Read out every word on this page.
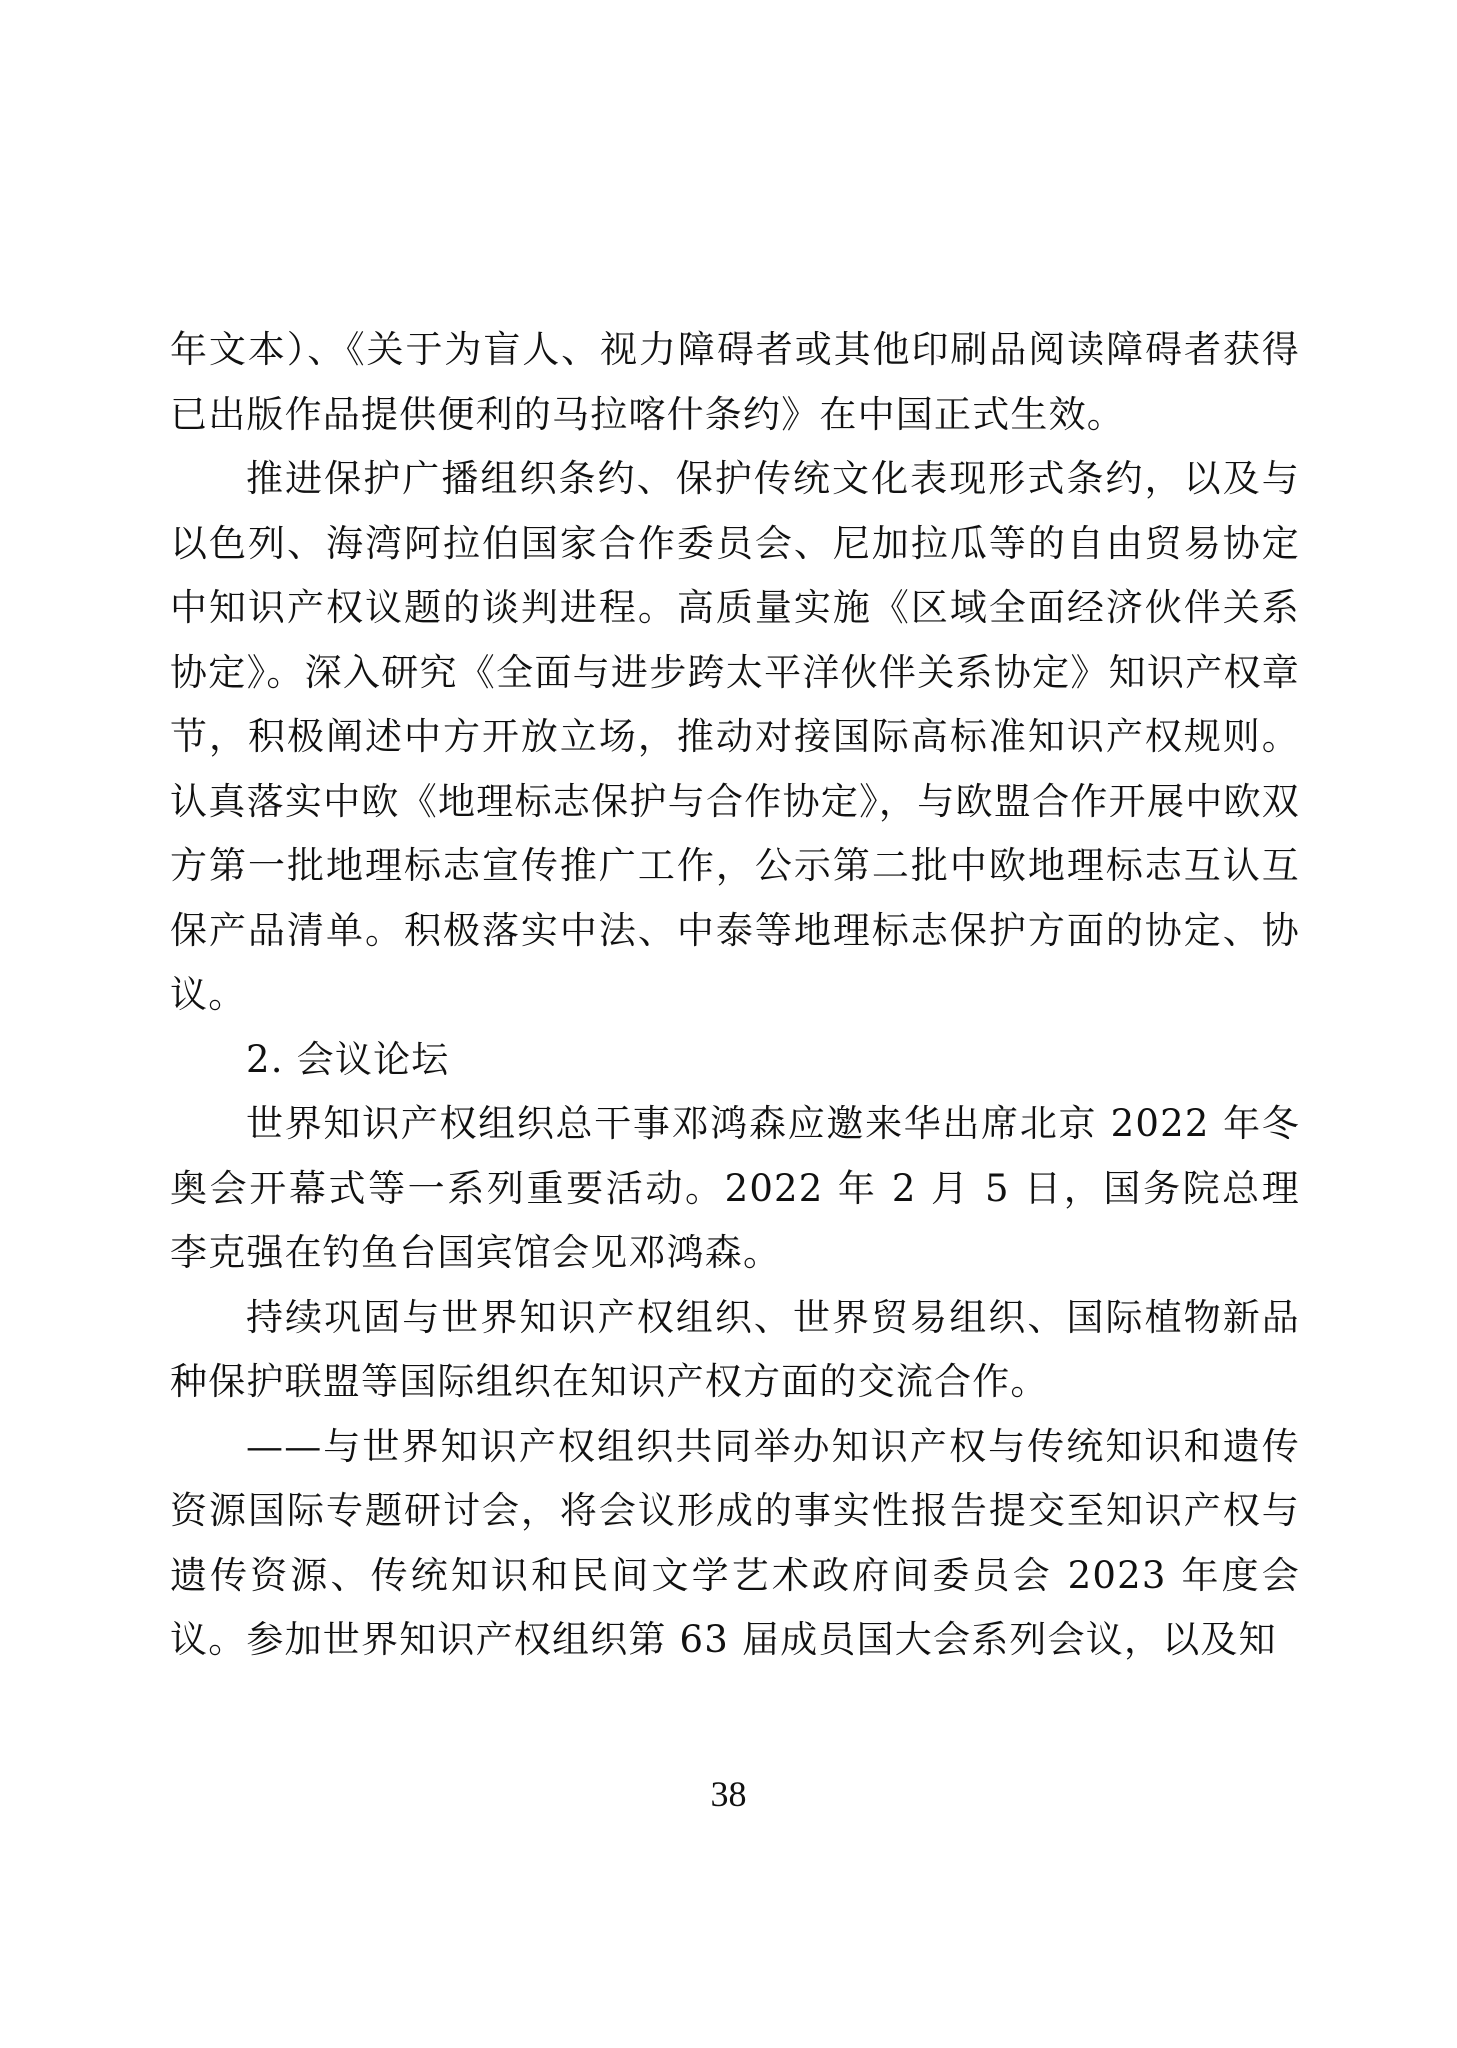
年文本）、《关于为盲人、视力障碍者或其他印刷品阅读障碍者获得已出版作品提供便利的马拉喀什条约》在中国正式生效。

推进保护广播组织条约、保护传统文化表现形式条约，以及与以色列、海湾阿拉伯国家合作委员会、尼加拉瓜等的自由贸易协定中知识产权议题的谈判进程。高质量实施《区域全面经济伙伴关系协定》。深入研究《全面与进步跨太平洋伙伴关系协定》知识产权章节，积极阐述中方开放立场，推动对接国际高标准知识产权规则。认真落实中欧《地理标志保护与合作协定》，与欧盟合作开展中欧双方第一批地理标志宣传推广工作，公示第二批中欧地理标志互认互保产品清单。积极落实中法、中泰等地理标志保护方面的协定、协议。

2. 会议论坛

世界知识产权组织总干事邓鸿森应邀来华出席北京 2022 年冬奥会开幕式等一系列重要活动。2022 年 2 月 5 日，国务院总理李克强在钓鱼台国宾馆会见邓鸿森。

持续巩固与世界知识产权组织、世界贸易组织、国际植物新品种保护联盟等国际组织在知识产权方面的交流合作。

——与世界知识产权组织共同举办知识产权与传统知识和遗传资源国际专题研讨会，将会议形成的事实性报告提交至知识产权与遗传资源、传统知识和民间文学艺术政府间委员会 2023 年度会议。参加世界知识产权组织第 63 届成员国大会系列会议，以及知

38
